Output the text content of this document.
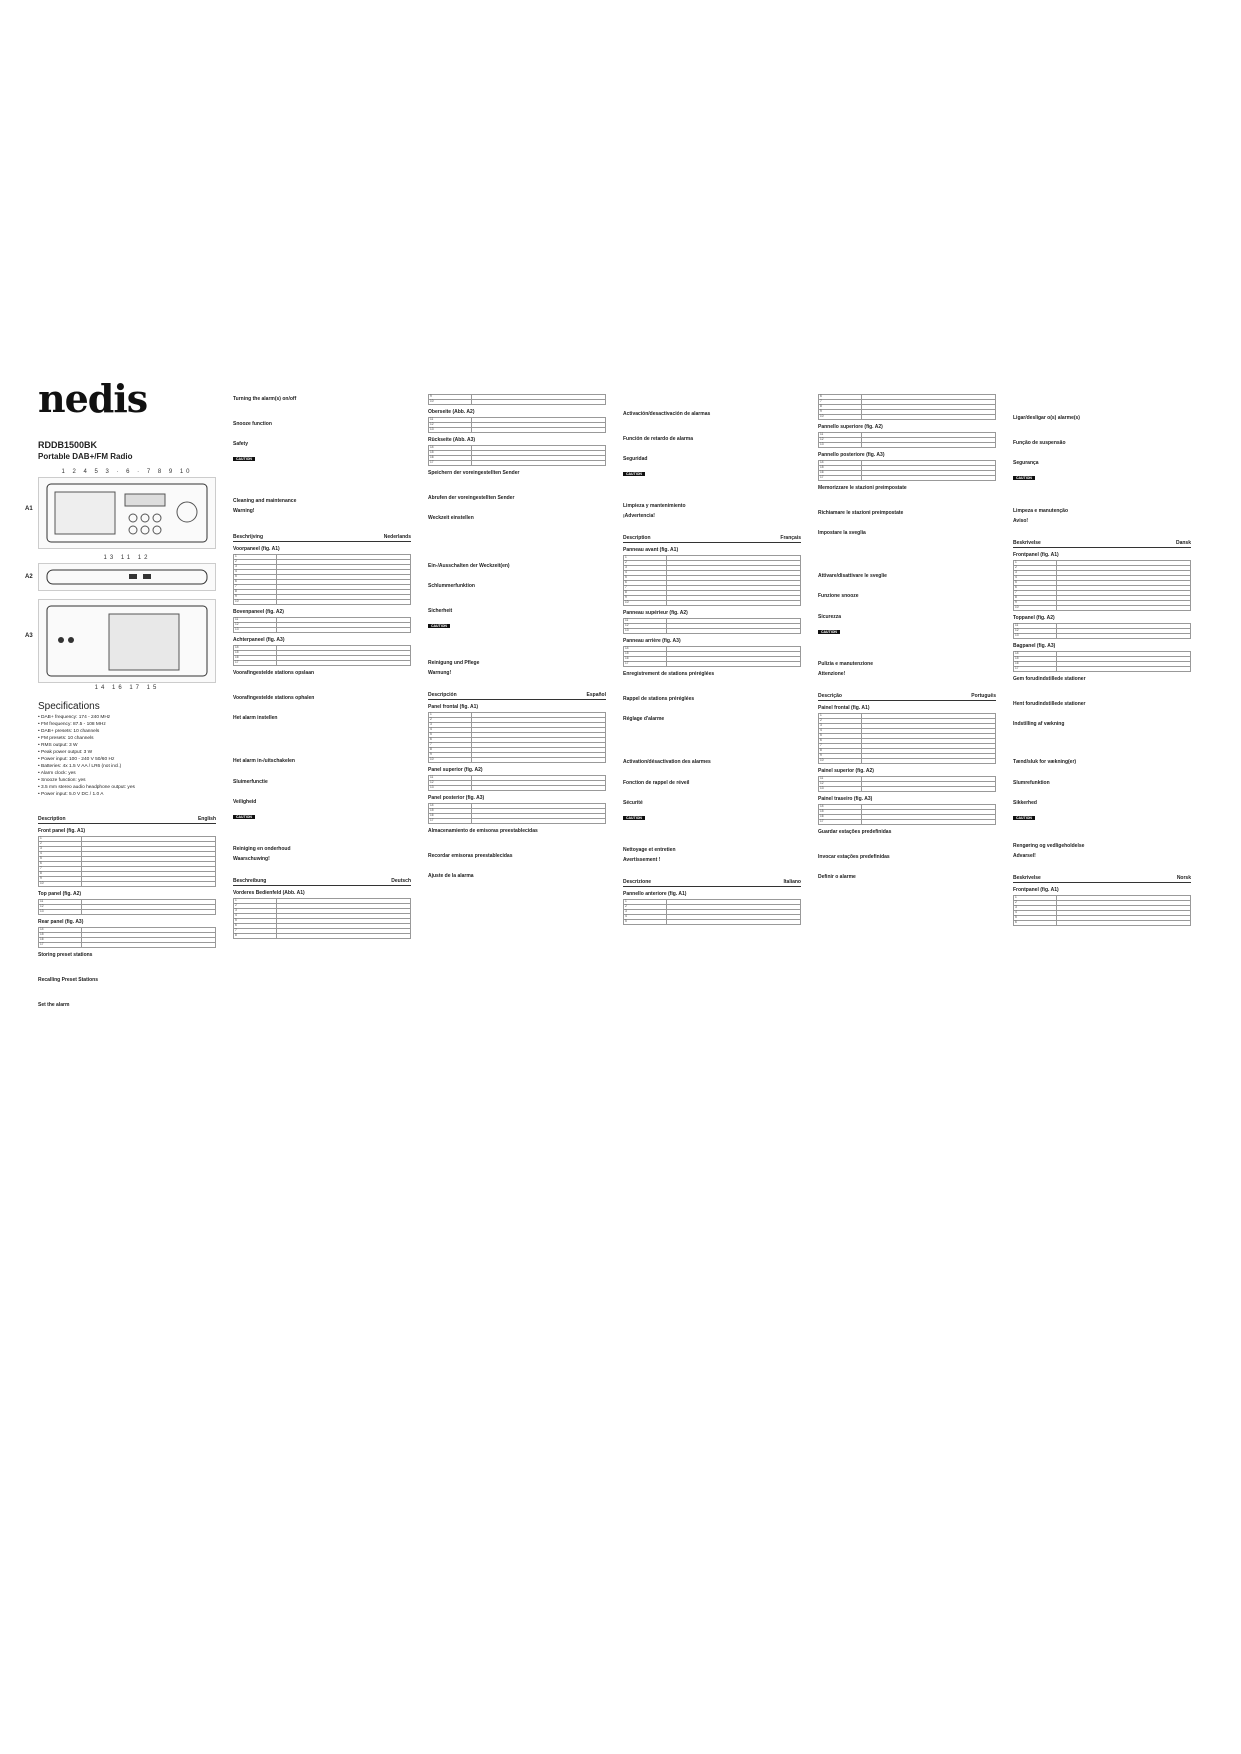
nedis
RDDB1500BK
Portable DAB+/FM Radio
1 2 4 5 3 · 6 · 7 8 9 10
A1
13 11 12
A2
A3
14 16 17 15
Specifications
• DAB+ frequency: 174 - 240 MHz
• FM frequency: 87.5 - 108 MHz
• DAB+ presets: 10 channels
• FM presets: 10 channels
• RMS output: 3 W
• Peak power output: 3 W
• Power input: 100 - 240 V 50/60 Hz
• Batteries: 4x 1.5 V AA / LR6 (not incl.)
• Alarm clock: yes
• Snooze function: yes
• 3.5 mm stereo audio headphone output: yes
• Power input: 5.0 V DC / 1.0 A
Description	English
Front panel (fig. A1)
1	
2	
3	
4	
5	
6	
7	
8	
9	
10	
Top panel (fig. A2)
11	
12	
13	
Rear panel (fig. A3)
14	
15	
16	
17	
Storing preset stations

Recalling Preset Stations

Set the alarm

Turning the alarm(s) on/off

Snooze function

Safety
CAUTION

Cleaning and maintenance
Warning!

Beschrijving	Nederlands
Voorpaneel (fig. A1)
1	
2	
3	
4	
5	
6	
7	
8	
9	
10	
Bovenpaneel (fig. A2)
11	
12	
13	
Achterpaneel (fig. A3)
14	
15	
16	
17	
Voorafingestelde stations opslaan

Voorafingestelde stations ophalen

Het alarm instellen

Het alarm in-/uitschakelen

Sluimerfunctie

Veiligheid
CAUTION

Reiniging en onderhoud
Waarschuwing!

Beschreibung	Deutsch
Vorderes Bedienfeld (Abb. A1)
1	
2	
3	
4	
5	
6	
7	
8	
9	
10	
Oberseite (Abb. A2)
11	
12	
13	
Rückseite (Abb. A3)
14	
15	
16	
17	
Speichern der voreingestellten Sender

Abrufen der voreingestellten Sender

Weckzeit einstellen

Ein-/Ausschalten der Weckzeit(en)

Schlummerfunktion

Sicherheit
CAUTION

Reinigung und Pflege
Warnung!

Descripción	Español
Panel frontal (fig. A1)
1	
2	
3	
4	
5	
6	
7	
8	
9	
10	
Panel superior (fig. A2)
11	
12	
13	
Panel posterior (fig. A3)
14	
15	
16	
17	
Almacenamiento de emisoras preestablecidas

Recordar emisoras preestablecidas

Ajuste de la alarma

Activación/desactivación de alarmas

Función de retardo de alarma

Seguridad
CAUTION

Limpieza y mantenimiento
¡Advertencia!

Description	Français
Panneau avant (fig. A1)
1	
2	
3	
4	
5	
6	
7	
8	
9	
10	
Panneau supérieur (fig. A2)
11	
12	
13	
Panneau arrière (fig. A3)
14	
15	
16	
17	
Enregistrement de stations préréglées

Rappel de stations préréglées

Réglage d'alarme

Activation/désactivation des alarmes

Fonction de rappel de réveil

Sécurité
CAUTION

Nettoyage et entretien
Avertissement !

Descrizione	Italiano
Pannello anteriore (fig. A1)
1	
2	
3	
4	
5	
6	
7	
8	
9	
10	
Pannello superiore (fig. A2)
11	
12	
13	
Pannello posteriore (fig. A3)
14	
15	
16	
17	
Memorizzare le stazioni preimpostate

Richiamare le stazioni preimpostate

Impostare la sveglia

Attivare/disattivare le sveglie

Funzione snooze

Sicurezza
CAUTION

Pulizia e manutenzione
Attenzione!

Descrição	Português
Painel frontal (fig. A1)
1	
2	
3	
4	
5	
6	
7	
8	
9	
10	
Painel superior (fig. A2)
11	
12	
13	
Painel traseiro (fig. A3)
14	
15	
16	
17	
Guardar estações predefinidas

Invocar estações predefinidas

Definir o alarme

Ligar/desligar o(s) alarme(s)

Função de suspensão

Segurança
CAUTION

Limpeza e manutenção
Aviso!

Beskrivelse	Dansk
Frontpanel (fig. A1)
1	
2	
3	
4	
5	
6	
7	
8	
9	
10	
Toppanel (fig. A2)
11	
12	
13	
Bagpanel (fig. A3)
14	
15	
16	
17	
Gem forudindstillede stationer

Hent forudindstillede stationer

Indstilling af vækning

Tænd/sluk for vækning(er)

Slumrefunktion

Sikkerhed
CAUTION

Rengøring og vedligeholdelse
Advarsel!

Beskrivelse	Norsk
Frontpanel (fig. A1)
1	
2	
3	
4	
5	
6	
